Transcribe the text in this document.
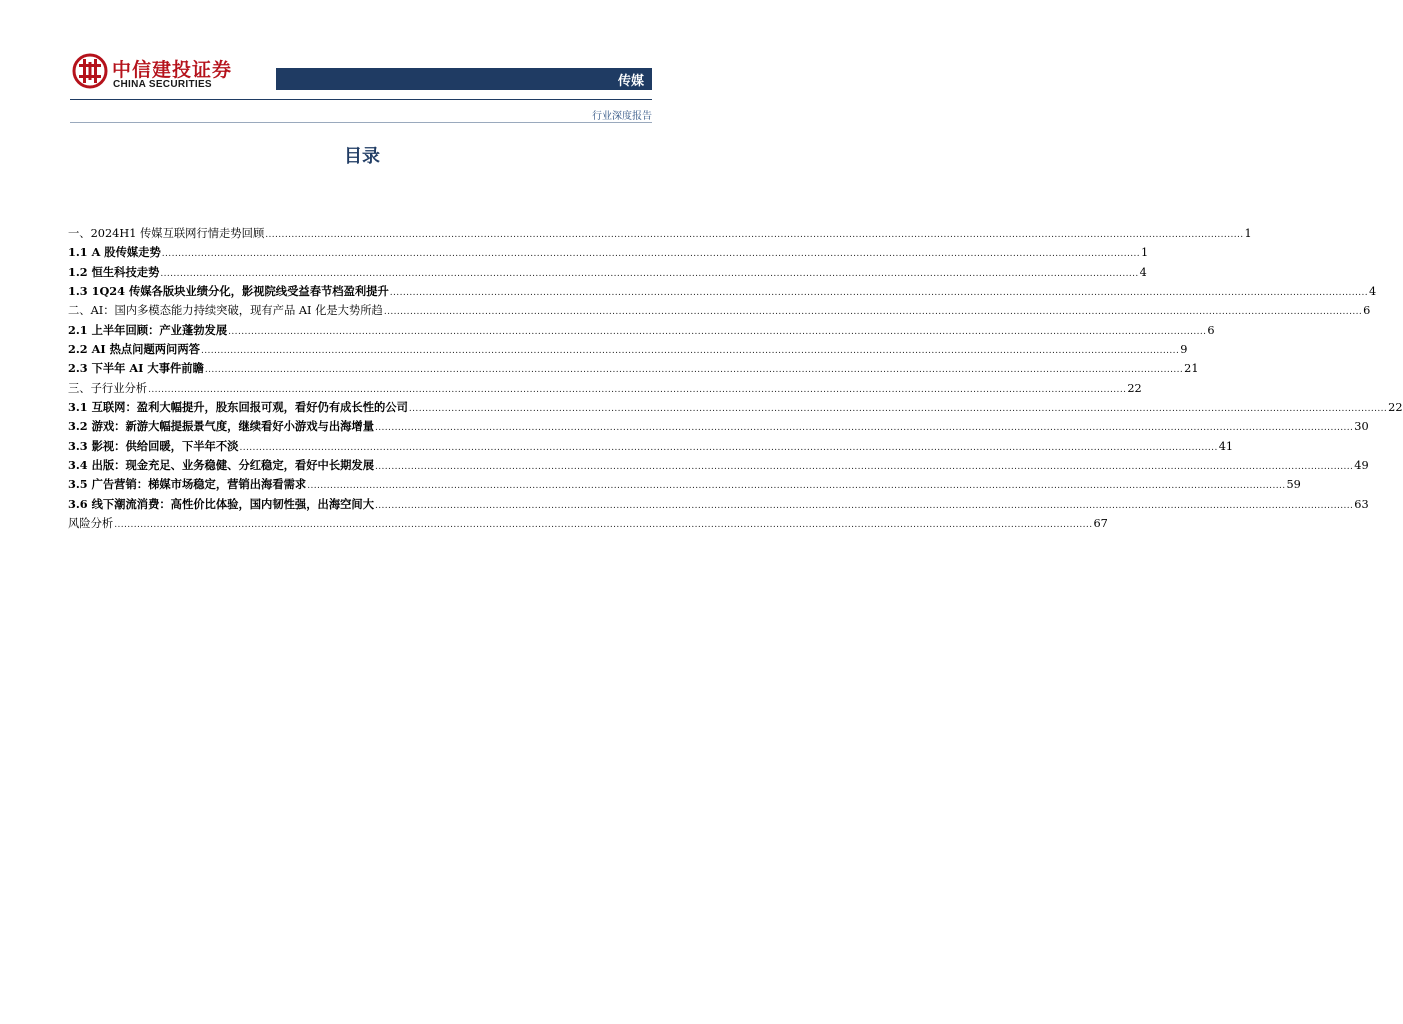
中信建投证券
CHINA SECURITIES	传媒
行业深度报告
目录
一、2024H1 传媒互联网行情走势回顾 ............................................................................................................................................................................................................................................................................................................ 1
1.1 A 股传媒走势 ............................................................................................................................................................................................................................................................................................................ 1
1.2 恒生科技走势 ............................................................................................................................................................................................................................................................................................................ 4
1.3 1Q24 传媒各版块业绩分化，影视院线受益春节档盈利提升 ............................................................................................................................................................................................................................................................................................................ 4
二、AI：国内多模态能力持续突破，现有产品 AI 化是大势所趋 ............................................................................................................................................................................................................................................................................................................ 6
2.1 上半年回顾：产业蓬勃发展 ............................................................................................................................................................................................................................................................................................................ 6
2.2 AI 热点问题两问两答 ............................................................................................................................................................................................................................................................................................................ 9
2.3 下半年 AI 大事件前瞻 ............................................................................................................................................................................................................................................................................................................ 21
三、子行业分析 ............................................................................................................................................................................................................................................................................................................ 22
3.1 互联网：盈利大幅提升，股东回报可观，看好仍有成长性的公司 ............................................................................................................................................................................................................................................................................................................ 22
3.2 游戏：新游大幅提振景气度，继续看好小游戏与出海增量 ............................................................................................................................................................................................................................................................................................................ 30
3.3 影视：供给回暖，下半年不淡 ............................................................................................................................................................................................................................................................................................................ 41
3.4 出版：现金充足、业务稳健、分红稳定，看好中长期发展 ............................................................................................................................................................................................................................................................................................................ 49
3.5 广告营销：梯媒市场稳定，营销出海看需求 ............................................................................................................................................................................................................................................................................................................ 59
3.6 线下潮流消费：高性价比体验，国内韧性强，出海空间大 ............................................................................................................................................................................................................................................................................................................ 63
风险分析 ............................................................................................................................................................................................................................................................................................................ 67
